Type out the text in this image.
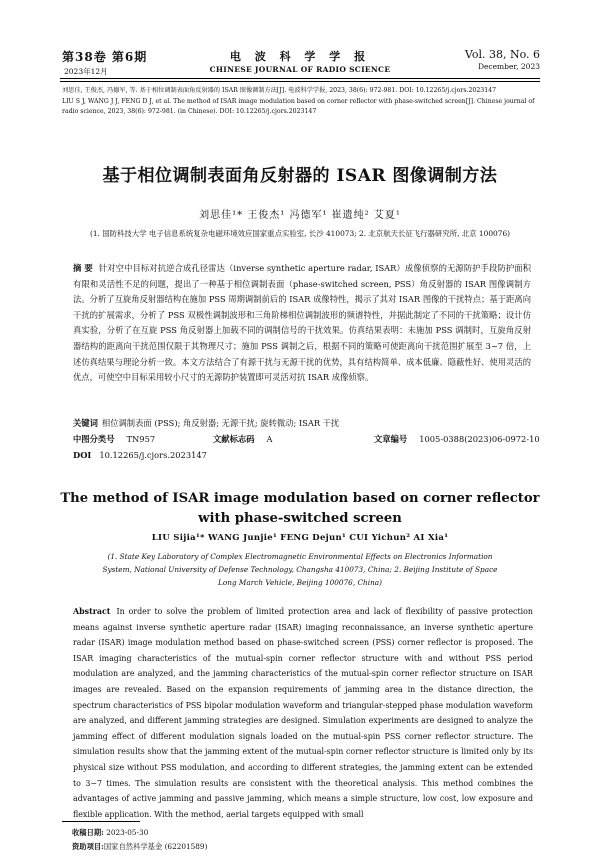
第38卷 第6期
2023年12月
电 波 科 学 学 报
CHINESE JOURNAL OF RADIO SCIENCE
Vol. 38, No. 6
December, 2023

刘思佳, 王俊杰, 冯德军, 等. 基于相位调制表面角反射器的 ISAR 图像调制方法[J]. 电波科学学报, 2023, 38(6): 972-981. DOI: 10.12265/j.cjors.2023147

LIU S J, WANG J J, FENG D J, et al. The method of ISAR image modulation based on corner reflector with phase-switched screen[J]. Chinese journal of radio science, 2023, 38(6): 972-981. (in Chinese). DOI: 10.12265/j.cjors.2023147

基于相位调制表面角反射器的 ISAR 图像调制方法
刘思佳¹* 王俊杰¹ 冯德军¹ 崔遗纯² 艾夏¹
(1. 国防科技大学 电子信息系统复杂电磁环境效应国家重点实验室, 长沙 410073; 2. 北京航天长征飞行器研究所, 北京 100076)
摘 要 针对空中目标对抗逆合成孔径雷达（inverse synthetic aperture radar, ISAR）成像侦察的无源防护手段防护面积有限和灵活性不足的问题，提出了一种基于相位调制表面（phase-switched screen, PSS）角反射器的 ISAR 图像调制方法。分析了互旋角反射器结构在施加 PSS 周期调制前后的 ISAR 成像特性，揭示了其对 ISAR 图像的干扰特点；基于距离向干扰的扩展需求，分析了 PSS 双极性调制波形和三角阶梯相位调制波形的频谱特性，并据此制定了不同的干扰策略；设计仿真实验，分析了在互旋 PSS 角反射器上加载不同的调制信号的干扰效果。仿真结果表明：未施加 PSS 调制时，互旋角反射器结构的距离向干扰范围仅限于其物理尺寸；施加 PSS 调制之后，根据不同的策略可使距离向干扰范围扩展至 3~7 倍，上述仿真结果与理论分析一致。本文方法结合了有源干扰与无源干扰的优势，具有结构简单、成本低廉、隐蔽性好、使用灵活的优点，可使空中目标采用较小尺寸的无源防护装置即可灵活对抗 ISAR 成像侦察。
关键词 相位调制表面 (PSS); 角反射器; 无源干扰; 旋转微动; ISAR 干扰
中图分类号 TN957	文献标志码 A	文章编号 1005-0388(2023)06-0972-10
DOI 10.12265/j.cjors.2023147
The method of ISAR image modulation based on corner reflector with phase-switched screen
LIU Sijia¹* WANG Junjie¹ FENG Dejun¹ CUI Yichun² AI Xia¹
(1. State Key Laboratory of Complex Electromagnetic Environmental Effects on Electronics Information System, National University of Defense Technology, Changsha 410073, China; 2. Beijing Institute of Space Long March Vehicle, Beijing 100076, China)
Abstract In order to solve the problem of limited protection area and lack of flexibility of passive protection means against inverse synthetic aperture radar (ISAR) imaging reconnaissance, an inverse synthetic aperture radar (ISAR) image modulation method based on phase-switched screen (PSS) corner reflector is proposed. The ISAR imaging characteristics of the mutual-spin corner reflector structure with and without PSS period modulation are analyzed, and the jamming characteristics of the mutual-spin corner reflector structure on ISAR images are revealed. Based on the expansion requirements of jamming area in the distance direction, the spectrum characteristics of PSS bipolar modulation waveform and triangular-stepped phase modulation waveform are analyzed, and different jamming strategies are designed. Simulation experiments are designed to analyze the jamming effect of different modulation signals loaded on the mutual-spin PSS corner reflector structure. The simulation results show that the jamming extent of the mutual-spin corner reflector structure is limited only by its physical size without PSS modulation, and according to different strategies, the jamming extent can be extended to 3−7 times. The simulation results are consistent with the theoretical analysis. This method combines the advantages of active jamming and passive jamming, which means a simple structure, low cost, low exposure and flexible application. With the method, aerial targets equipped with small
收稿日期: 2023-05-30
资助项目:国家自然科学基金 (62201589)
